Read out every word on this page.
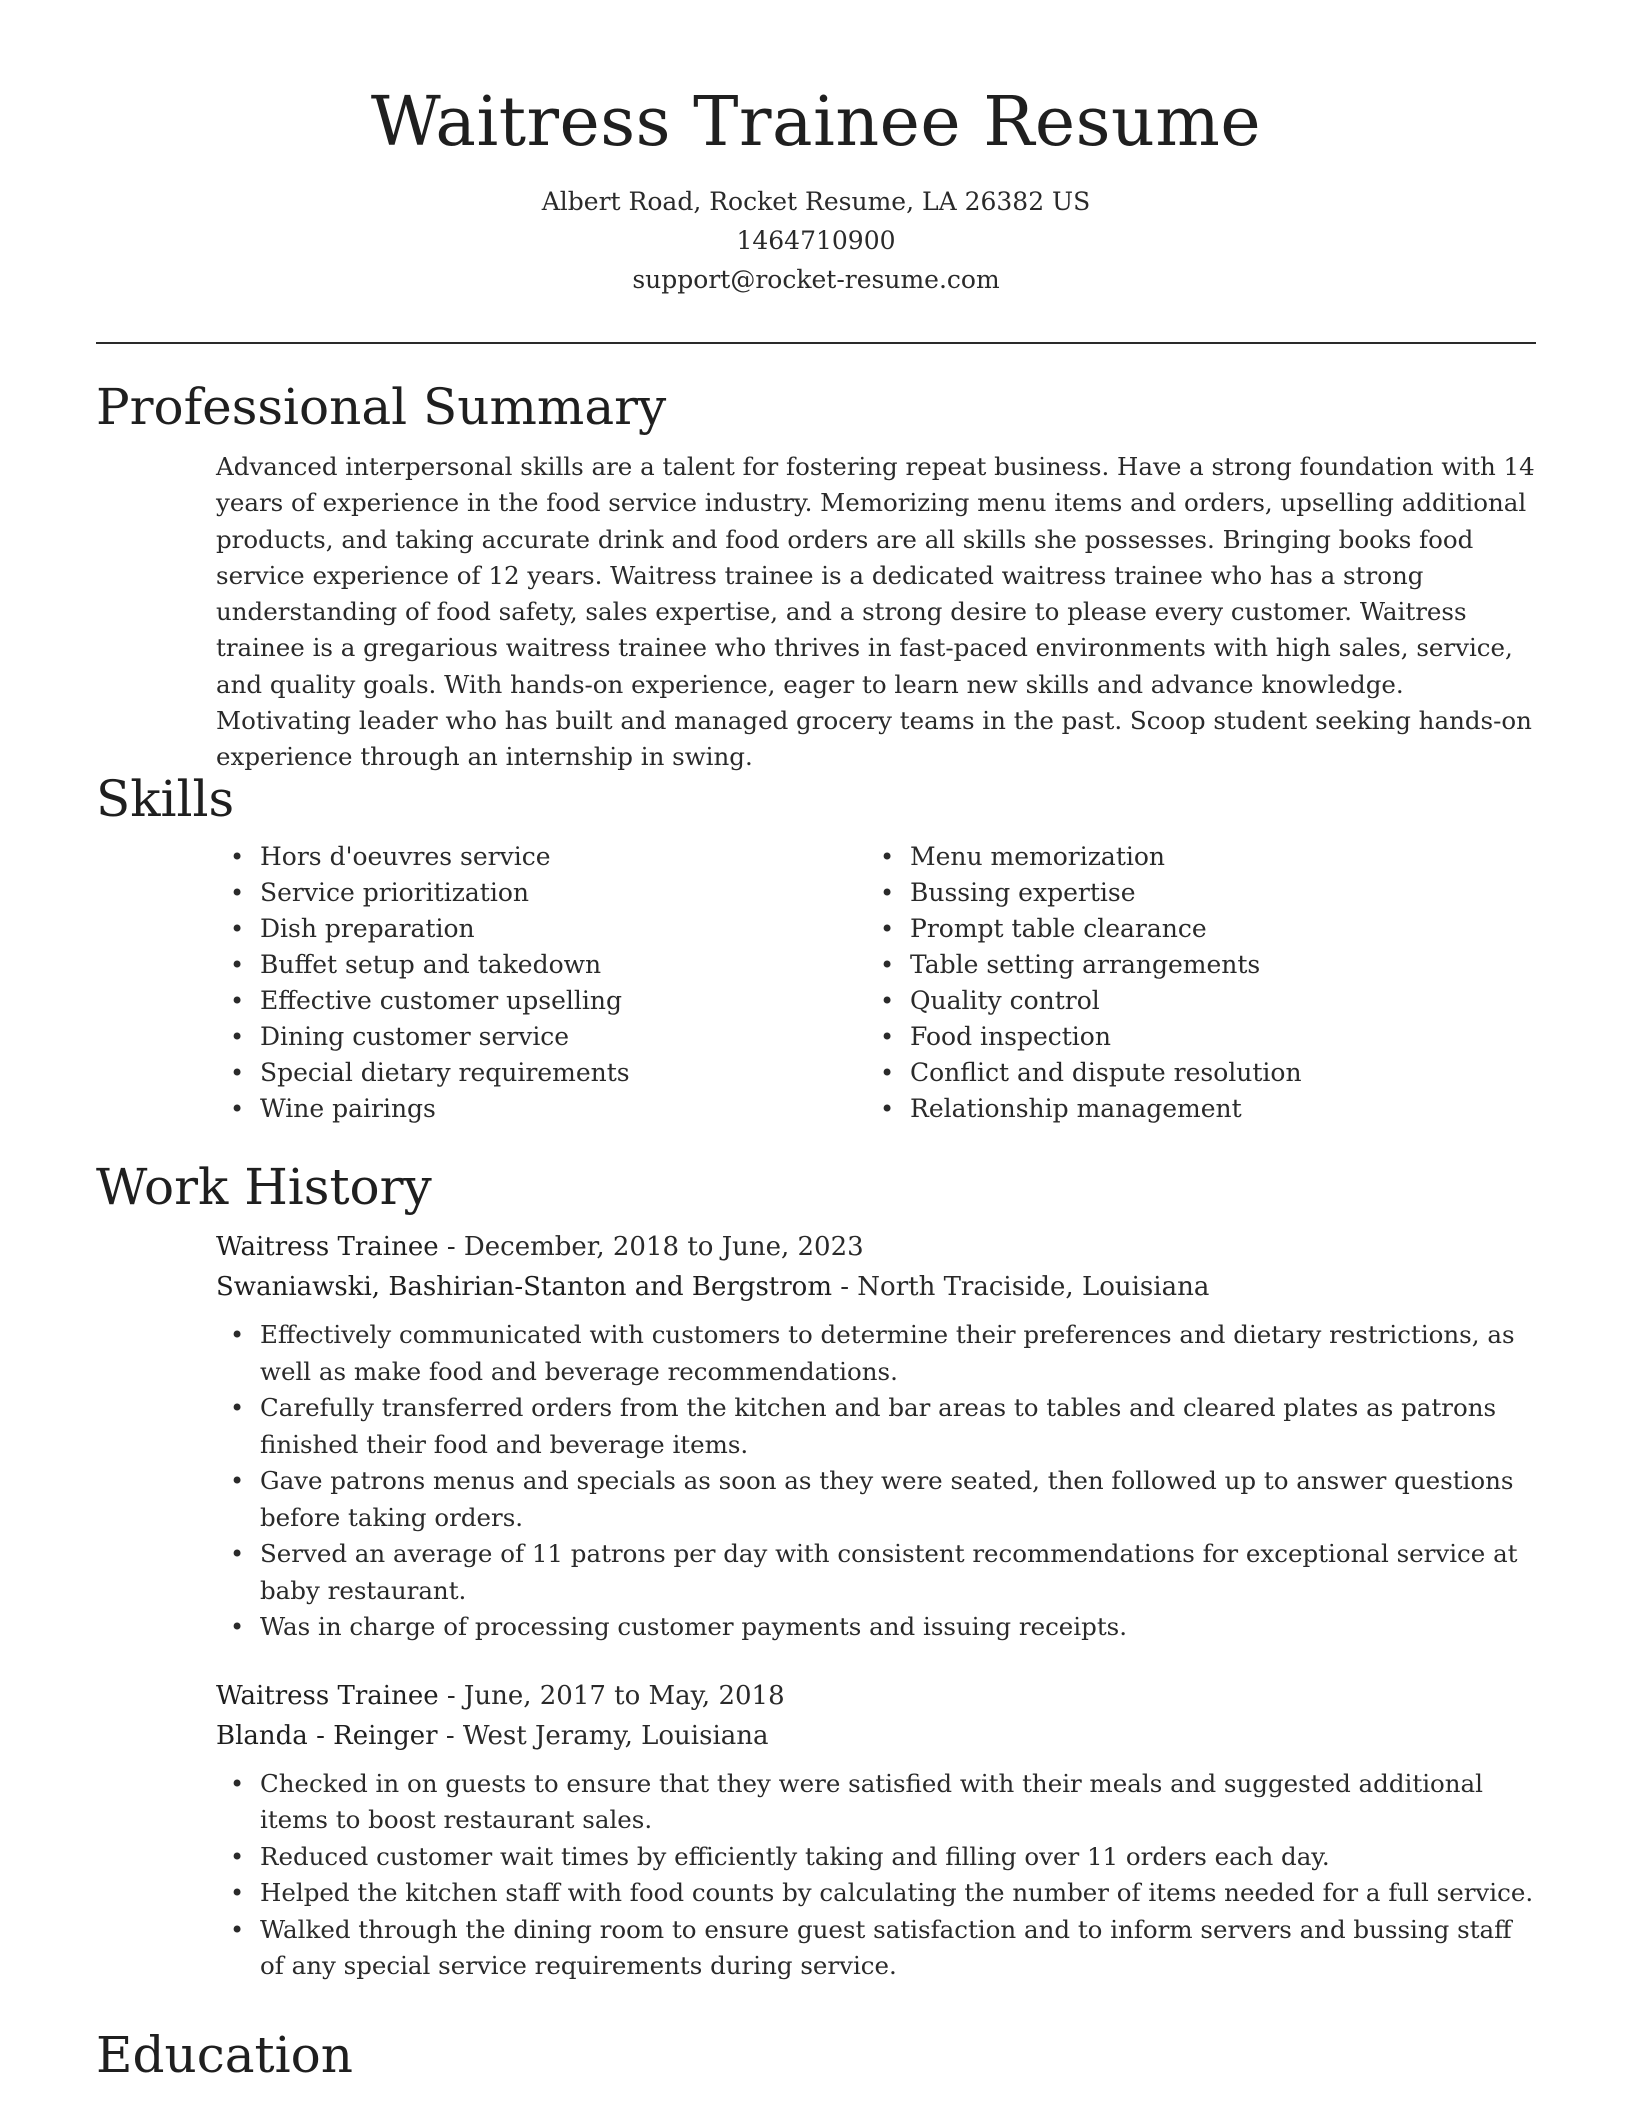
Waitress Trainee Resume
Albert Road, Rocket Resume, LA 26382 US
1464710900
support@rocket-resume.com
Professional Summary

Advanced interpersonal skills are a talent for fostering repeat business. Have a strong foundation with 14 years of experience in the food service industry. Memorizing menu items and orders, upselling additional products, and taking accurate drink and food orders are all skills she possesses. Bringing books food service experience of 12 years. Waitress trainee is a dedicated waitress trainee who has a strong understanding of food safety, sales expertise, and a strong desire to please every customer. Waitress trainee is a gregarious waitress trainee who thrives in fast-paced environments with high sales, service, and quality goals. With hands-on experience, eager to learn new skills and advance knowledge. Motivating leader who has built and managed grocery teams in the past. Scoop student seeking hands-on experience through an internship in swing.

Skills
• Hors d'oeuvres service
• Service prioritization
• Dish preparation
• Buffet setup and takedown
• Effective customer upselling
• Dining customer service
• Special dietary requirements
• Wine pairings
• Menu memorization
• Bussing expertise
• Prompt table clearance
• Table setting arrangements
• Quality control
• Food inspection
• Conflict and dispute resolution
• Relationship management
Work History
Waitress Trainee - December, 2018 to June, 2023
Swaniawski, Bashirian-Stanton and Bergstrom - North Traciside, Louisiana
• Effectively communicated with customers to determine their preferences and dietary restrictions, as well as make food and beverage recommendations.
• Carefully transferred orders from the kitchen and bar areas to tables and cleared plates as patrons finished their food and beverage items.
• Gave patrons menus and specials as soon as they were seated, then followed up to answer questions before taking orders.
• Served an average of 11 patrons per day with consistent recommendations for exceptional service at baby restaurant.
• Was in charge of processing customer payments and issuing receipts.
Waitress Trainee - June, 2017 to May, 2018
Blanda - Reinger - West Jeramy, Louisiana
• Checked in on guests to ensure that they were satisfied with their meals and suggested additional items to boost restaurant sales.
• Reduced customer wait times by efficiently taking and filling over 11 orders each day.
• Helped the kitchen staff with food counts by calculating the number of items needed for a full service.
• Walked through the dining room to ensure guest satisfaction and to inform servers and bussing staff of any special service requirements during service.
Education
